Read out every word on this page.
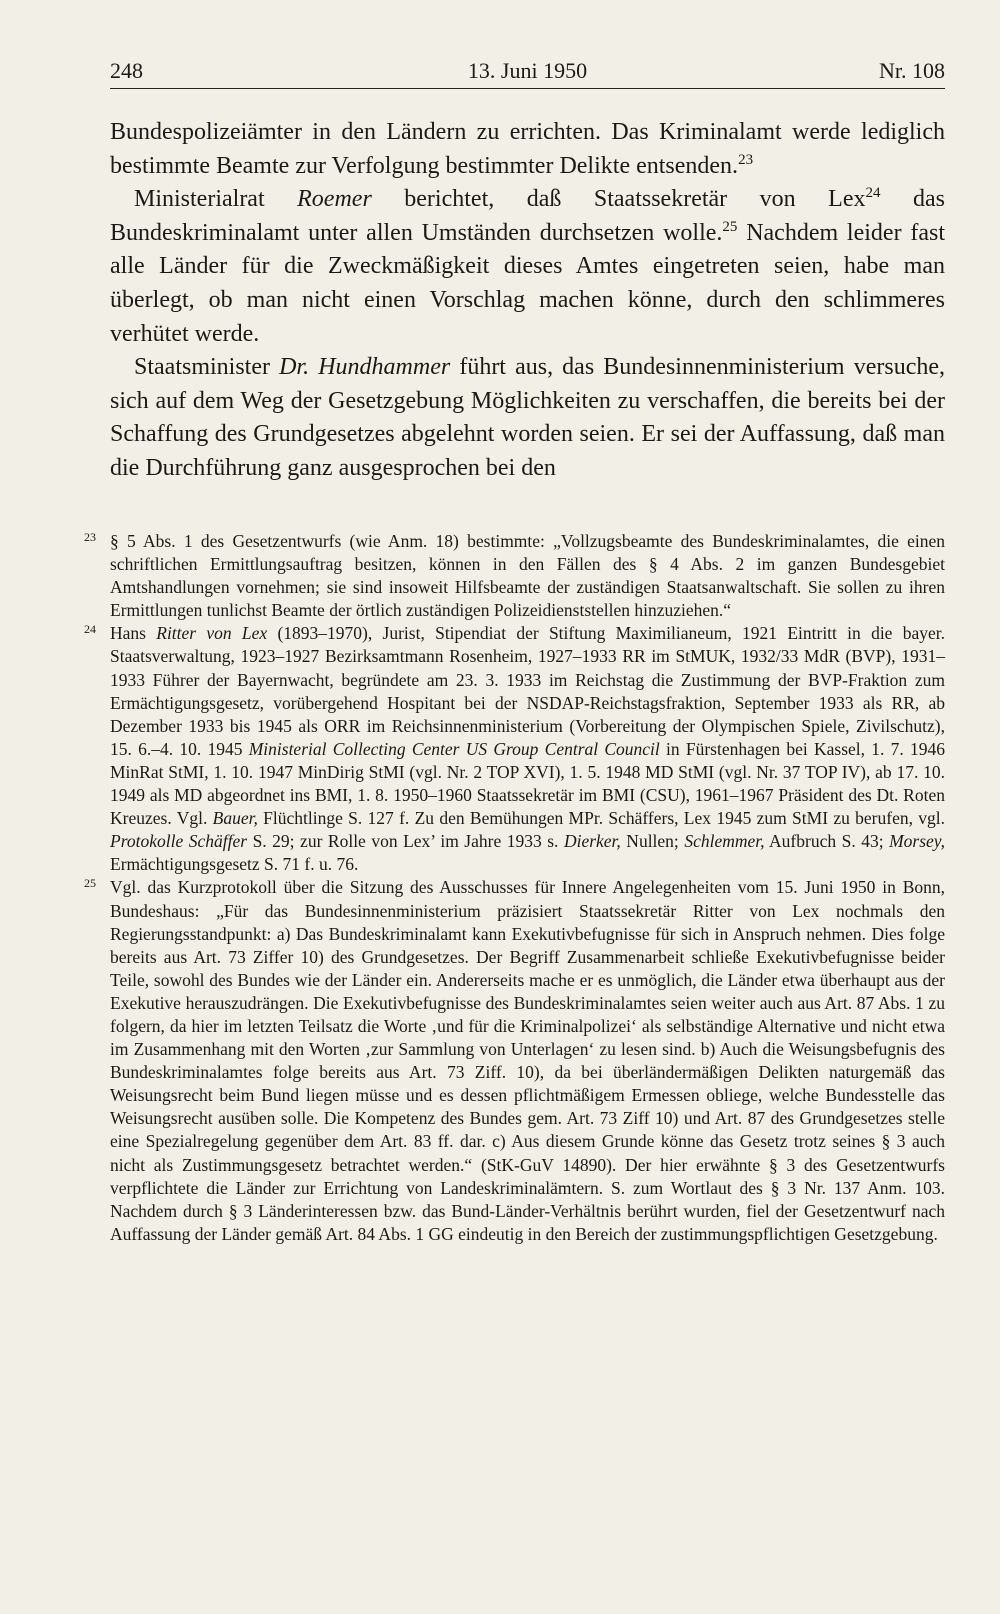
248	13. Juni 1950	Nr. 108

Bundespolizeiämter in den Ländern zu errichten. Das Kriminalamt werde lediglich bestimmte Beamte zur Verfolgung bestimmter Delikte entsenden.$^{23}$

Ministerialrat Roemer berichtet, daß Staatssekretär von Lex$^{24}$ das Bundeskriminalamt unter allen Umständen durchsetzen wolle.$^{25}$ Nachdem leider fast alle Länder für die Zweckmäßigkeit dieses Amtes eingetreten seien, habe man überlegt, ob man nicht einen Vorschlag machen könne, durch den schlimmeres verhütet werde.

Staatsminister Dr. Hundhammer führt aus, das Bundesinnenministerium versuche, sich auf dem Weg der Gesetzgebung Möglichkeiten zu verschaffen, die bereits bei der Schaffung des Grundgesetzes abgelehnt worden seien. Er sei der Auffassung, daß man die Durchführung ganz ausgesprochen bei den

23 § 5 Abs. 1 des Gesetzentwurfs (wie Anm. 18) bestimmte: „Vollzugsbeamte des Bundeskriminalamtes, die einen schriftlichen Ermittlungsauftrag besitzen, können in den Fällen des § 4 Abs. 2 im ganzen Bundesgebiet Amtshandlungen vornehmen; sie sind insoweit Hilfsbeamte der zuständigen Staatsanwaltschaft. Sie sollen zu ihren Ermittlungen tunlichst Beamte der örtlich zuständigen Polizeidienststellen hinzuziehen.“
24 Hans Ritter von Lex (1893–1970), Jurist, Stipendiat der Stiftung Maximilianeum, 1921 Eintritt in die bayer. Staatsverwaltung, 1923–1927 Bezirksamtmann Rosenheim, 1927–1933 RR im StMUK, 1932/33 MdR (BVP), 1931–1933 Führer der Bayernwacht, begründete am 23. 3. 1933 im Reichstag die Zustimmung der BVP-Fraktion zum Ermächtigungsgesetz, vorübergehend Hospitant bei der NSDAP-Reichstagsfraktion, September 1933 als RR, ab Dezember 1933 bis 1945 als ORR im Reichsinnenministerium (Vorbereitung der Olympischen Spiele, Zivilschutz), 15. 6.–4. 10. 1945 Ministerial Collecting Center US Group Central Council in Fürstenhagen bei Kassel, 1. 7. 1946 MinRat StMI, 1. 10. 1947 MinDirig StMI (vgl. Nr. 2 TOP XVI), 1. 5. 1948 MD StMI (vgl. Nr. 37 TOP IV), ab 17. 10. 1949 als MD abgeordnet ins BMI, 1. 8. 1950–1960 Staatssekretär im BMI (CSU), 1961–1967 Präsident des Dt. Roten Kreuzes. Vgl. Bauer, Flüchtlinge S. 127 f. Zu den Bemühungen MPr. Schäffers, Lex 1945 zum StMI zu berufen, vgl. Protokolle Schäffer S. 29; zur Rolle von Lex’ im Jahre 1933 s. Dierker, Nullen; Schlemmer, Aufbruch S. 43; Morsey, Ermächtigungsgesetz S. 71 f. u. 76.
25 Vgl. das Kurzprotokoll über die Sitzung des Ausschusses für Innere Angelegenheiten vom 15. Juni 1950 in Bonn, Bundeshaus: „Für das Bundesinnenministerium präzisiert Staatssekretär Ritter von Lex nochmals den Regierungsstandpunkt: a) Das Bundeskriminalamt kann Exekutivbefugnisse für sich in Anspruch nehmen. Dies folge bereits aus Art. 73 Ziffer 10) des Grundgesetzes. Der Begriff Zusammenarbeit schließe Exekutivbefugnisse beider Teile, sowohl des Bundes wie der Länder ein. Andererseits mache er es unmöglich, die Länder etwa überhaupt aus der Exekutive herauszudrängen. Die Exekutivbefugnisse des Bundeskriminalamtes seien weiter auch aus Art. 87 Abs. 1 zu folgern, da hier im letzten Teilsatz die Worte ‚und für die Kriminalpolizei‘ als selbständige Alternative und nicht etwa im Zusammenhang mit den Worten ‚zur Sammlung von Unterlagen‘ zu lesen sind. b) Auch die Weisungsbefugnis des Bundeskriminalamtes folge bereits aus Art. 73 Ziff. 10), da bei überländermäßigen Delikten naturgemäß das Weisungsrecht beim Bund liegen müsse und es dessen pflichtmäßigem Ermessen obliege, welche Bundesstelle das Weisungsrecht ausüben solle. Die Kompetenz des Bundes gem. Art. 73 Ziff 10) und Art. 87 des Grundgesetzes stelle eine Spezialregelung gegenüber dem Art. 83 ff. dar. c) Aus diesem Grunde könne das Gesetz trotz seines § 3 auch nicht als Zustimmungsgesetz betrachtet werden.“ (StK-GuV 14890). Der hier erwähnte § 3 des Gesetzentwurfs verpflichtete die Länder zur Errichtung von Landeskriminalämtern. S. zum Wortlaut des § 3 Nr. 137 Anm. 103. Nachdem durch § 3 Länderinteressen bzw. das Bund-Länder-Verhältnis berührt wurden, fiel der Gesetzentwurf nach Auffassung der Länder gemäß Art. 84 Abs. 1 GG eindeutig in den Bereich der zustimmungspflichtigen Gesetzgebung.
